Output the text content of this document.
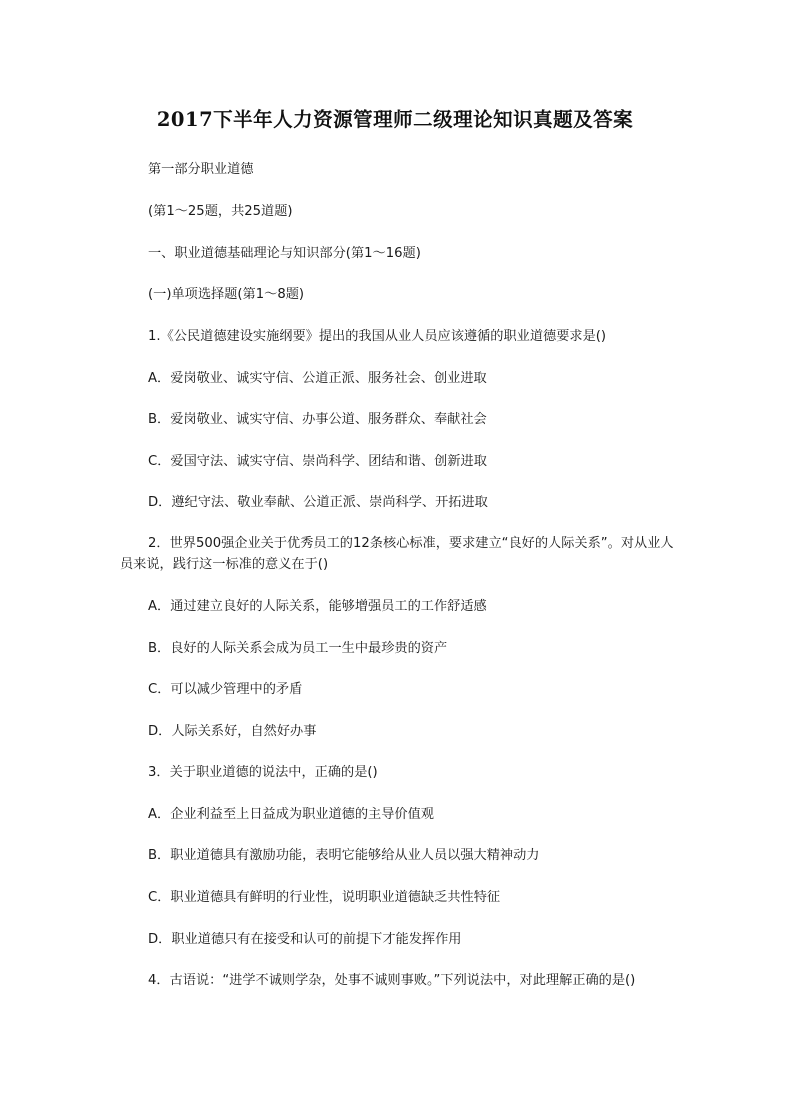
2017下半年人力资源管理师二级理论知识真题及答案

第一部分职业道德

(第1～25题，共25道题)

一、职业道德基础理论与知识部分(第1～16题)

(一)单项选择题(第1～8题)

1.《公民道德建设实施纲要》提出的我国从业人员应该遵循的职业道德要求是()

A．爱岗敬业、诚实守信、公道正派、服务社会、创业进取

B．爱岗敬业、诚实守信、办事公道、服务群众、奉献社会

C．爱国守法、诚实守信、崇尚科学、团结和谐、创新进取

D．遵纪守法、敬业奉献、公道正派、崇尚科学、开拓进取

2．世界500强企业关于优秀员工的12条核心标准，要求建立“良好的人际关系”。对从业人员来说，践行这一标准的意义在于()

A．通过建立良好的人际关系，能够增强员工的工作舒适感

B．良好的人际关系会成为员工一生中最珍贵的资产

C．可以减少管理中的矛盾

D．人际关系好，自然好办事

3．关于职业道德的说法中，正确的是()

A．企业利益至上日益成为职业道德的主导价值观

B．职业道德具有激励功能，表明它能够给从业人员以强大精神动力

C．职业道德具有鲜明的行业性，说明职业道德缺乏共性特征

D．职业道德只有在接受和认可的前提下才能发挥作用

4．古语说：“进学不诚则学杂，处事不诚则事败。”下列说法中，对此理解正确的是()
